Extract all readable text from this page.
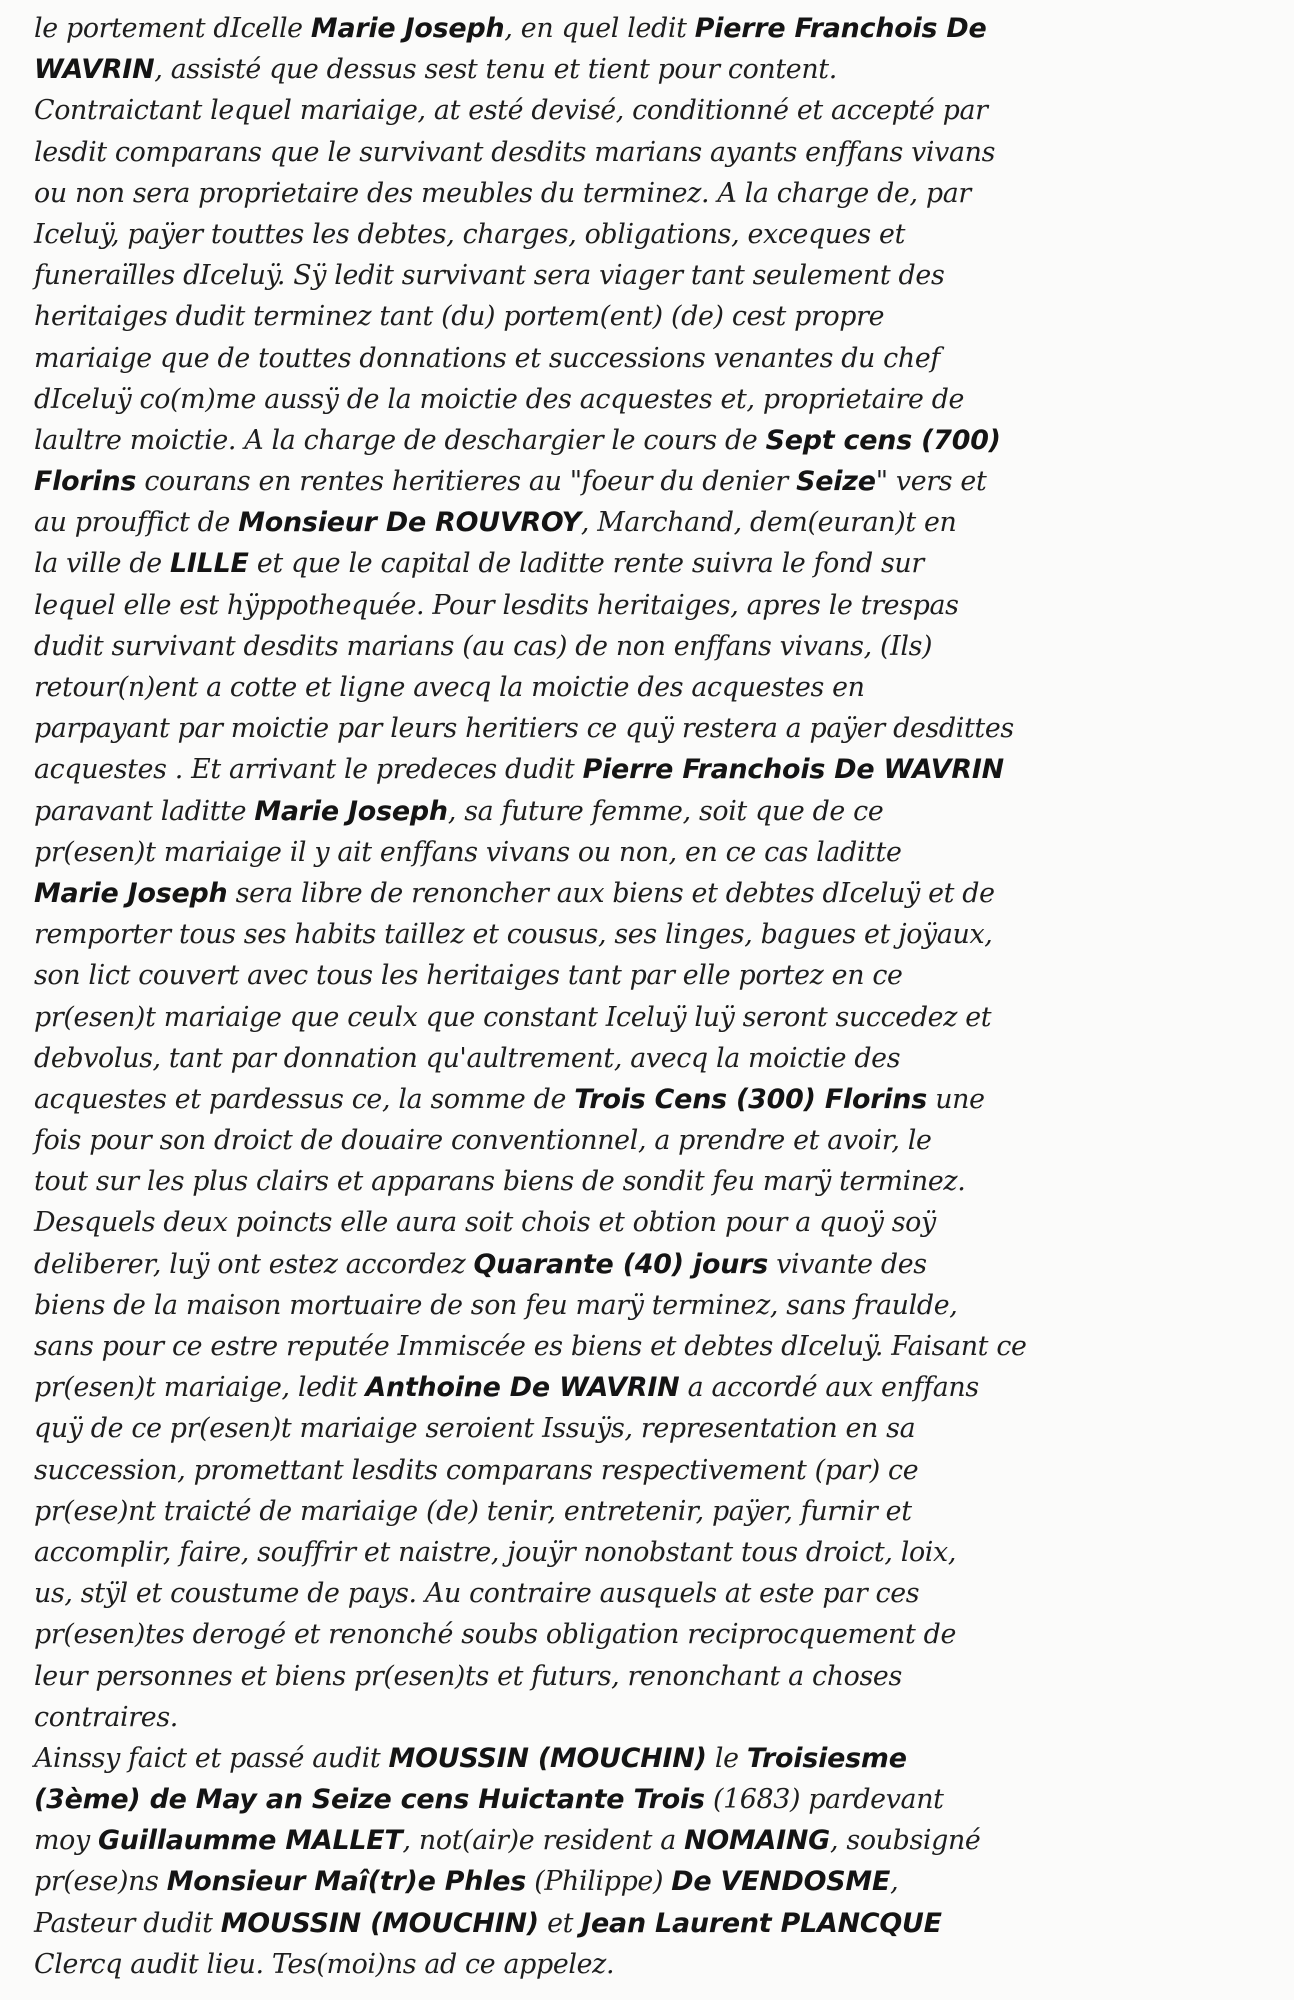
le portement dIcelle Marie Joseph, en quel ledit Pierre Franchois De
WAVRIN, assisté que dessus sest tenu et tient pour content.
Contraictant lequel mariaige, at esté devisé, conditionné et accepté par
lesdit comparans que le survivant desdits marians ayants enffans vivans
ou non sera proprietaire des meubles du terminez. A la charge de, par
Iceluÿ, paÿer touttes les debtes, charges, obligations, exceques et
funeraïlles dIceluÿ. Sÿ ledit survivant sera viager tant seulement des
heritaiges dudit terminez tant (du) portem(ent) (de) cest propre
mariaige que de touttes donnations et successions venantes du chef
dIceluÿ co(m)me aussÿ de la moictie des acquestes et, proprietaire de
laultre moictie. A la charge de deschargier le cours de Sept cens (700)
Florins courans en rentes heritieres au "foeur du denier Seize" vers et
au prouffict de Monsieur De ROUVROY, Marchand, dem(euran)t en
la ville de LILLE et que le capital de laditte rente suivra le fond sur
lequel elle est hÿppothequée. Pour lesdits heritaiges, apres le trespas
dudit survivant desdits marians (au cas) de non enffans vivans, (Ils)
retour(n)ent a cotte et ligne avecq la moictie des acquestes en
parpayant par moictie par leurs heritiers ce quÿ restera a paÿer desdittes
acquestes . Et arrivant le predeces dudit Pierre Franchois De WAVRIN
paravant laditte Marie Joseph, sa future femme, soit que de ce
pr(esen)t mariaige il y ait enffans vivans ou non, en ce cas laditte
Marie Joseph sera libre de renoncher aux biens et debtes dIceluÿ et de
remporter tous ses habits taillez et cousus, ses linges, bagues et joÿaux,
son lict couvert avec tous les heritaiges tant par elle portez en ce
pr(esen)t mariaige que ceulx que constant Iceluÿ luÿ seront succedez et
debvolus, tant par donnation qu'aultrement, avecq la moictie des
acquestes et pardessus ce, la somme de Trois Cens (300) Florins une
fois pour son droict de douaire conventionnel, a prendre et avoir, le
tout sur les plus clairs et apparans biens de sondit feu marÿ terminez.
Desquels deux poincts elle aura soit chois et obtion pour a quoÿ soÿ
deliberer, luÿ ont estez accordez Quarante (40) jours vivante des
biens de la maison mortuaire de son feu marÿ terminez, sans fraulde,
sans pour ce estre reputée Immiscée es biens et debtes dIceluÿ. Faisant ce
pr(esen)t mariaige, ledit Anthoine De WAVRIN a accordé aux enffans
quÿ de ce pr(esen)t mariaige seroient Issuÿs, representation en sa
succession, promettant lesdits comparans respectivement (par) ce
pr(ese)nt traicté de mariaige (de) tenir, entretenir, paÿer, furnir et
accomplir, faire, souffrir et naistre, jouÿr nonobstant tous droict, loix,
us, stÿl et coustume de pays. Au contraire ausquels at este par ces
pr(esen)tes derogé et renonché soubs obligation reciprocquement de
leur personnes et biens pr(esen)ts et futurs, renonchant a choses
contraires.
Ainssy faict et passé audit MOUSSIN (MOUCHIN) le Troisiesme
(3ème) de May an Seize cens Huictante Trois (1683) pardevant
moy Guillaumme MALLET, not(air)e resident a NOMAING, soubsigné
pr(ese)ns Monsieur Maî(tr)e Phles (Philippe) De VENDOSME,
Pasteur dudit MOUSSIN (MOUCHIN) et Jean Laurent PLANCQUE
Clercq audit lieu. Tes(moi)ns ad ce appelez.
